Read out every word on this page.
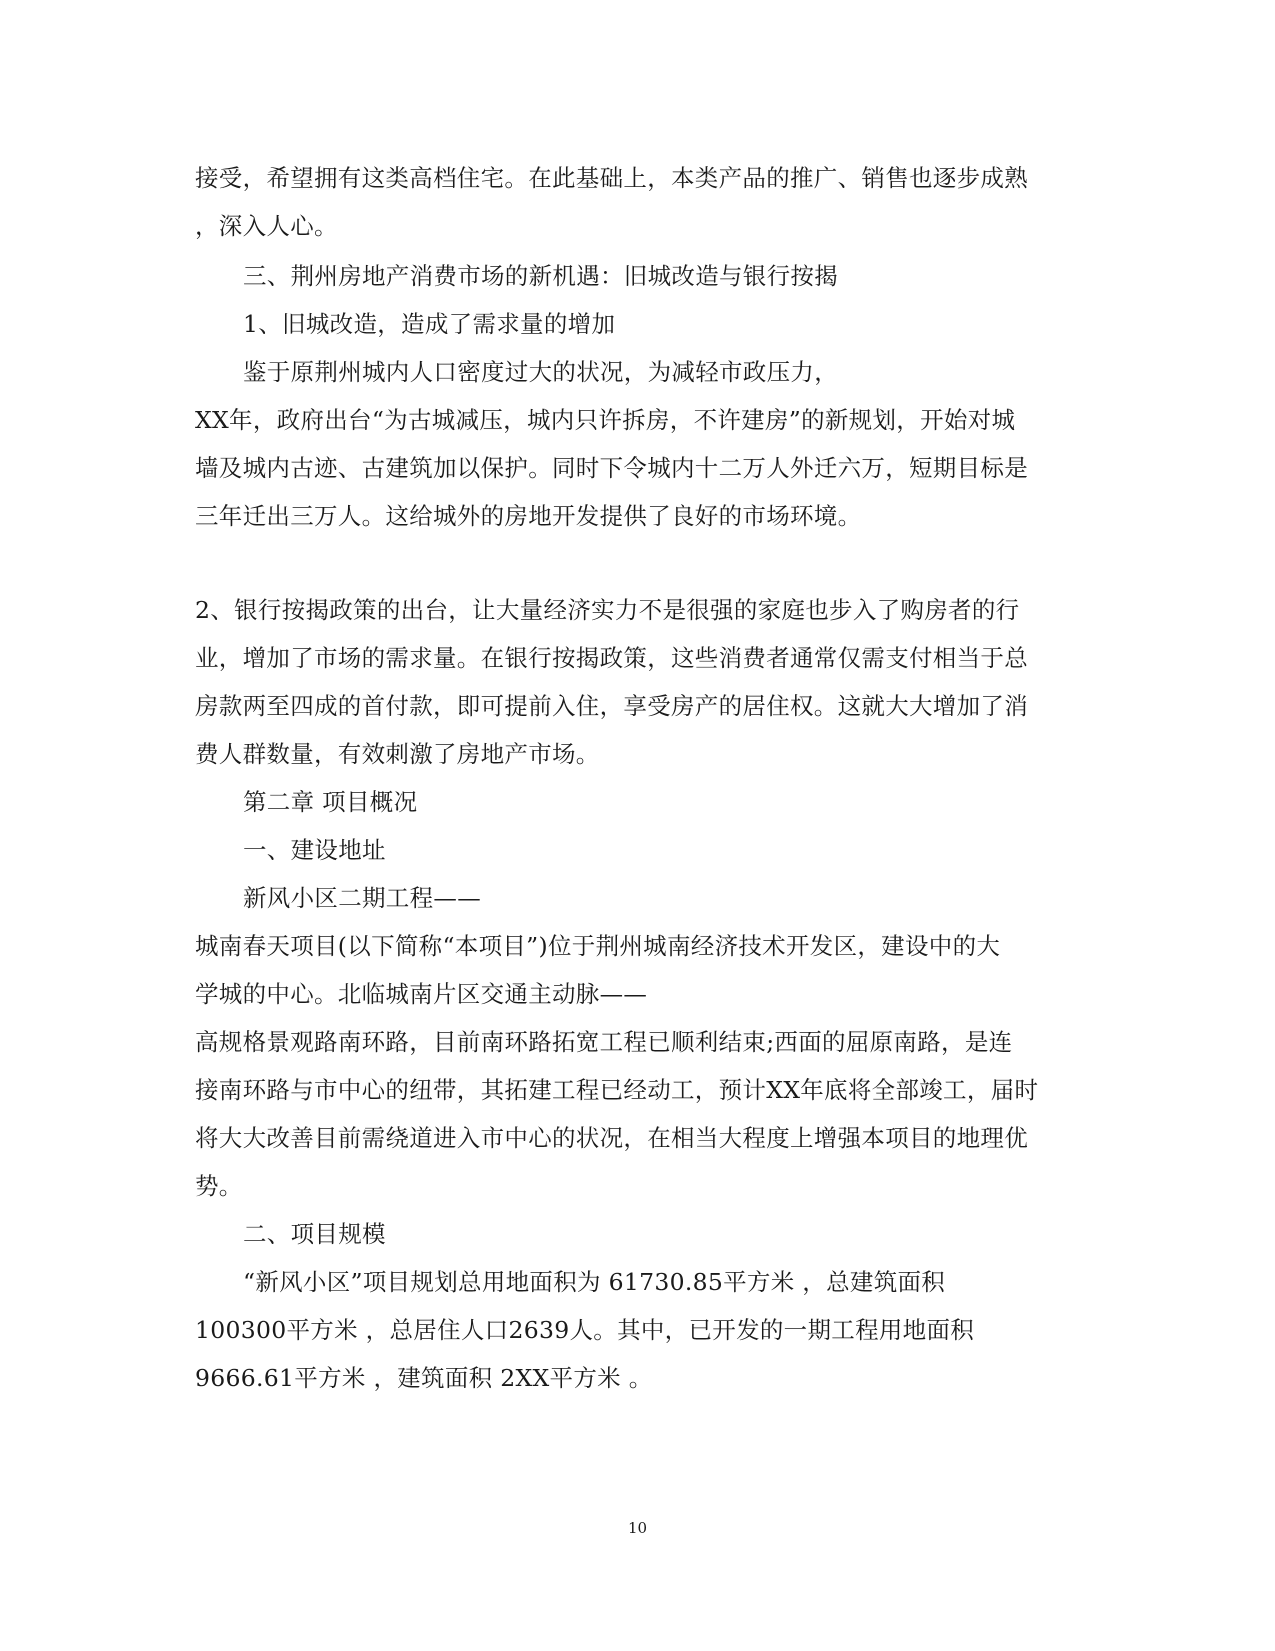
接受，希望拥有这类高档住宅。在此基础上，本类产品的推广、销售也逐步成熟
，深入人心。
三、荆州房地产消费市场的新机遇：旧城改造与银行按揭
1、旧城改造，造成了需求量的增加
鉴于原荆州城内人口密度过大的状况，为减轻市政压力，
XX年，政府出台“为古城减压，城内只许拆房，不许建房”的新规划，开始对城
墙及城内古迹、古建筑加以保护。同时下令城内十二万人外迁六万，短期目标是
三年迁出三万人。这给城外的房地开发提供了良好的市场环境。
2、银行按揭政策的出台，让大量经济实力不是很强的家庭也步入了购房者的行
业，增加了市场的需求量。在银行按揭政策，这些消费者通常仅需支付相当于总
房款两至四成的首付款，即可提前入住，享受房产的居住权。这就大大增加了消
费人群数量，有效刺激了房地产市场。
第二章 项目概况
一、建设地址
新风小区二期工程——
城南春天项目(以下简称“本项目”)位于荆州城南经济技术开发区，建设中的大
学城的中心。北临城南片区交通主动脉——
高规格景观路南环路，目前南环路拓宽工程已顺利结束;西面的屈原南路，是连
接南环路与市中心的纽带，其拓建工程已经动工，预计XX年底将全部竣工，届时
将大大改善目前需绕道进入市中心的状况，在相当大程度上增强本项目的地理优
势。
二、项目规模
“新风小区”项目规划总用地面积为 61730.85平方米 ，总建筑面积
100300平方米 ，总居住人口2639人。其中，已开发的一期工程用地面积
9666.61平方米 ，建筑面积 2XX平方米 。
10
